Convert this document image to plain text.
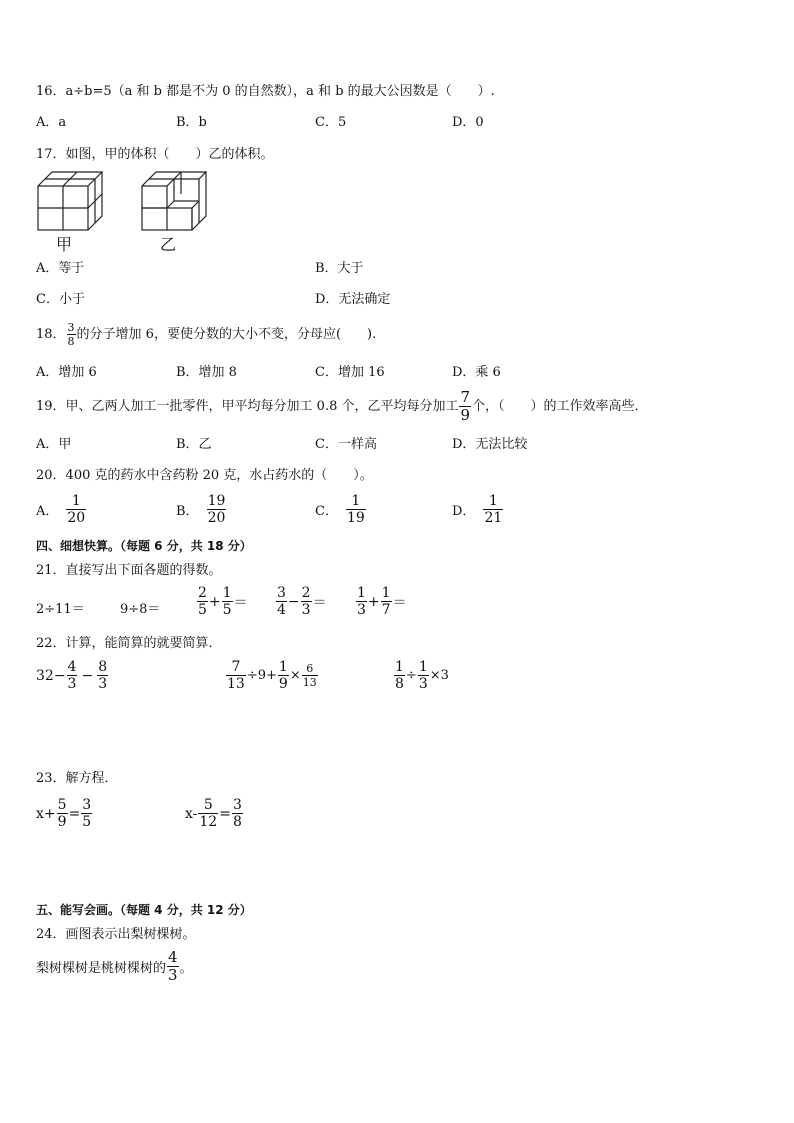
16．a÷b=5（a 和 b 都是不为 0 的自然数），a 和 b 的最大公因数是（　　）.
A．a	B．b	C．5	D．0
17．如图，甲的体积（　　）乙的体积。
甲	乙
A．等于	B．大于
C．小于	D．无法确定
18． $\frac{3}{8}$ 的分子增加 6，要使分数的大小不变，分母应(　　).
A．增加 6	B．增加 8	C．增加 16	D．乘 6
19．甲、乙两人加工一批零件，甲平均每分加工 0.8 个，乙平均每分加工 $\frac{7}{9}$ 个，（　　）的工作效率高些．
A．甲	B．乙	C．一样高	D．无法比较
20．400 克的药水中含药粉 20 克，水占药水的（　　）。
A． $\frac{1}{20}$	B． $\frac{19}{20}$	C． $\frac{1}{19}$	D． $\frac{1}{21}$
四、细想快算。（每题 6 分，共 18 分）
21．直接写出下面各题的得数。
2÷11＝	9÷8＝	$\frac{2}{5} + \frac{1}{5} = \frac{3}{4} - \frac{2}{3} = \frac{1}{3} + \frac{1}{7}$ ＝
22．计算，能简算的就要简算．
$32- \frac{4}{3} - \frac{8}{3}$	$\frac{7}{13} \div 9+ \frac{1}{9} \times \frac{6}{13}$	$\frac{1}{8} \div \frac{1}{3} \times 3$
23．解方程．
$x+ \frac{5}{9} = \frac{3}{5}$	$x- \frac{5}{12} = \frac{3}{8}$
五、能写会画。（每题 4 分，共 12 分）
24．画图表示出梨树棵树。
梨树棵树是桃树棵树的 $\frac{4}{3}$ 。
